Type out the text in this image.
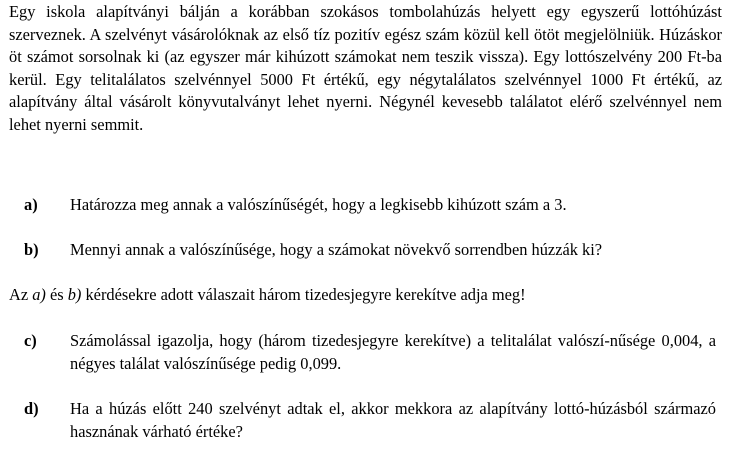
Egy iskola alapítványi bálján a korábban szokásos tombolahúzás helyett egy egyszerű lottóhúzást szerveznek. A szelvényt vásárolóknak az első tíz pozitív egész szám közül kell ötöt megjelölniük. Húzáskor öt számot sorsolnak ki (az egyszer már kihúzott számokat nem teszik vissza). Egy lottószelvény 200 Ft-ba kerül. Egy telitalálatos szelvénnyel 5000 Ft értékű, egy négytalálatos szelvénnyel 1000 Ft értékű, az alapítvány által vásárolt könyvutalványt lehet nyerni. Négynél kevesebb találatot elérő szelvénnyel nem lehet nyerni semmit.

a)	Határozza meg annak a valószínűségét, hogy a legkisebb kihúzott szám a 3.
b)	Mennyi annak a valószínűsége, hogy a számokat növekvő sorrendben húzzák ki?

Az a) és b) kérdésekre adott válaszait három tizedesjegyre kerekítve adja meg!

c)	Számolással igazolja, hogy (három tizedesjegyre kerekítve) a telitalálat valószí-nűsége 0,004, a négyes találat valószínűsége pedig 0,099.
d)	Ha a húzás előtt 240 szelvényt adtak el, akkor mekkora az alapítvány lottó-húzásból származó hasznának várható értéke?
